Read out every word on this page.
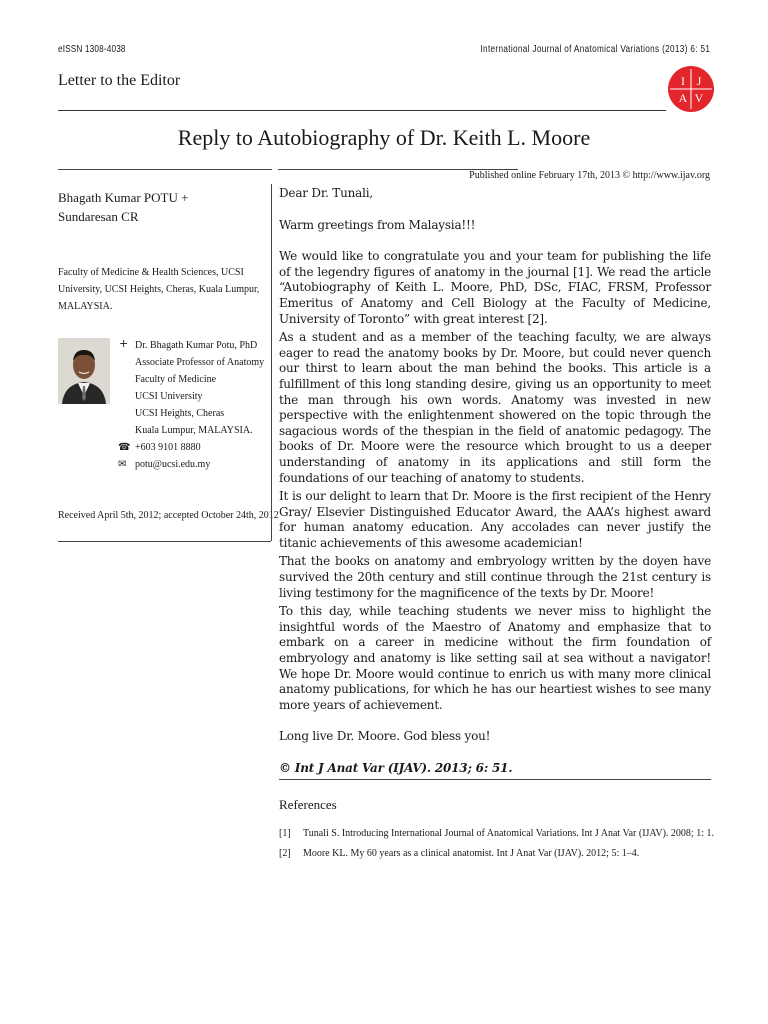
eISSN 1308-4038	International Journal of Anatomical Variations (2013) 6: 51
Letter to the Editor	I J
A V
Reply to Autobiography of Dr. Keith L. Moore
Published online February 17th, 2013 © http://www.ijav.org
Bhagath Kumar POTU +
Sundaresan CR
Faculty of Medicine & Health Sciences, UCSI University, UCSI Heights, Cheras, Kuala Lumpur, MALAYSIA.
+ Dr. Bhagath Kumar Potu, PhD
Associate Professor of Anatomy
Faculty of Medicine
UCSI University
UCSI Heights, Cheras
Kuala Lumpur, MALAYSIA.
☎ +603 9101 8880
✉ potu@ucsi.edu.my
Received April 5th, 2012; accepted October 24th, 2012

Dear Dr. Tunali,

Warm greetings from Malaysia!!!

We would like to congratulate you and your team for publishing the life of the legendry figures of anatomy in the journal [1]. We read the article “Autobiography of Keith L. Moore, PhD, DSc, FIAC, FRSM, Professor Emeritus of Anatomy and Cell Biology at the Faculty of Medicine, University of Toronto” with great interest [2].

As a student and as a member of the teaching faculty, we are always eager to read the anatomy books by Dr. Moore, but could never quench our thirst to learn about the man behind the books. This article is a fulfillment of this long standing desire, giving us an opportunity to meet the man through his own words. Anatomy was invested in new perspective with the enlightenment showered on the topic through the sagacious words of the thespian in the field of anatomic pedagogy. The books of Dr. Moore were the resource which brought to us a deeper understanding of anatomy in its applications and still form the foundations of our teaching of anatomy to students.

It is our delight to learn that Dr. Moore is the first recipient of the Henry Gray/ Elsevier Distinguished Educator Award, the AAA’s highest award for human anatomy education. Any accolades can never justify the titanic achievements of this awesome academician!

That the books on anatomy and embryology written by the doyen have survived the 20th century and still continue through the 21st century is living testimony for the magnificence of the texts by Dr. Moore!

To this day, while teaching students we never miss to highlight the insightful words of the Maestro of Anatomy and emphasize that to embark on a career in medicine without the firm foundation of embryology and anatomy is like setting sail at sea without a navigator! We hope Dr. Moore would continue to enrich us with many more clinical anatomy publications, for which he has our heartiest wishes to see many more years of achievement.

Long live Dr. Moore. God bless you!

© Int J Anat Var (IJAV). 2013; 6: 51.

References
[1] Tunali S. Introducing International Journal of Anatomical Variations. Int J Anat Var (IJAV). 2008; 1: 1.
[2] Moore KL. My 60 years as a clinical anatomist. Int J Anat Var (IJAV). 2012; 5: 1–4.
